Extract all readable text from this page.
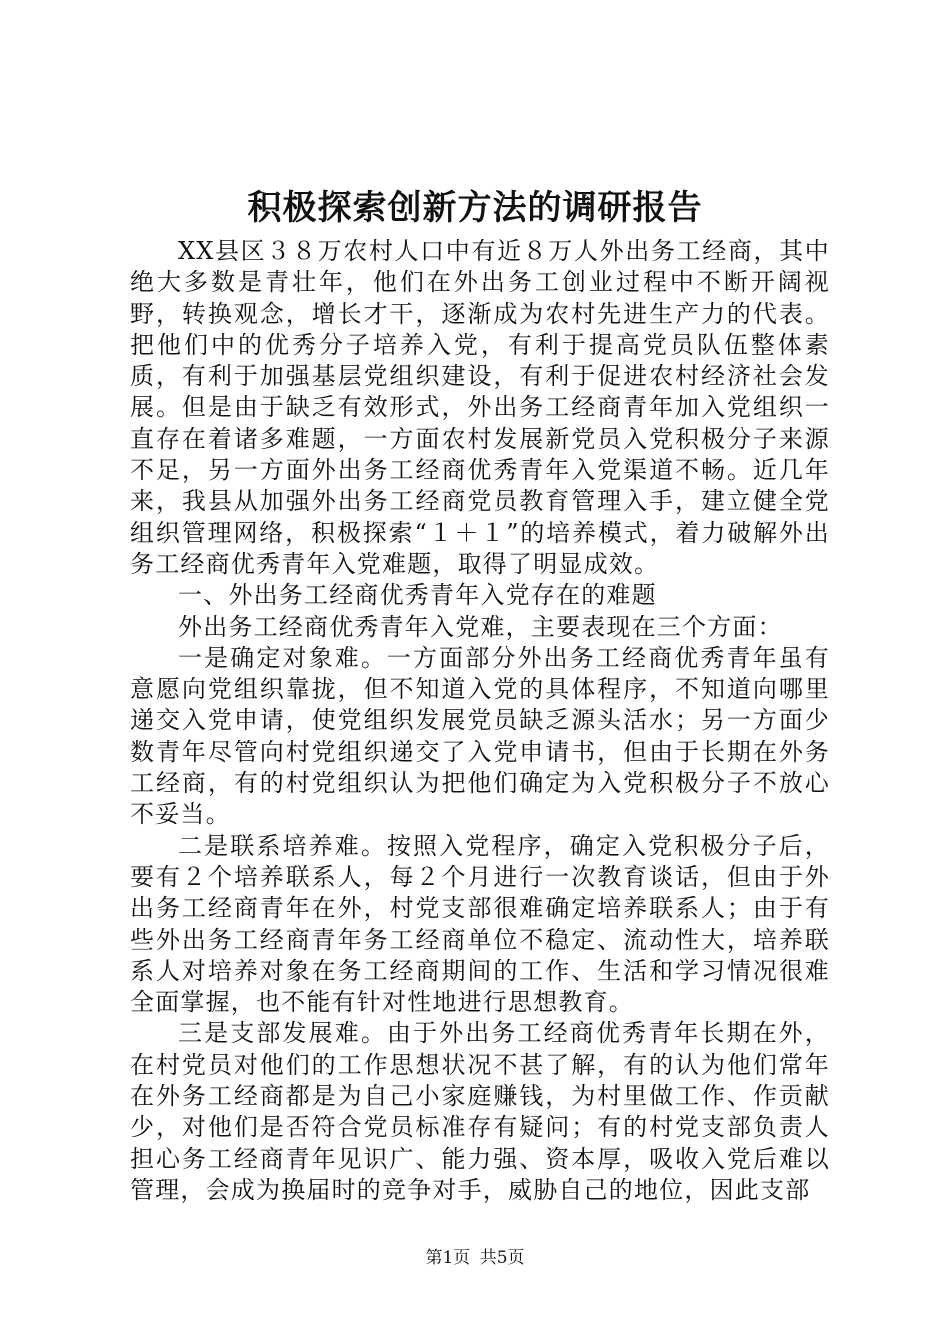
积极探索创新方法的调研报告

XX县区３８万农村人口中有近８万人外出务工经商，其中绝大多数是青壮年，他们在外出务工创业过程中不断开阔视野，转换观念，增长才干，逐渐成为农村先进生产力的代表。把他们中的优秀分子培养入党，有利于提高党员队伍整体素质，有利于加强基层党组织建设，有利于促进农村经济社会发展。但是由于缺乏有效形式，外出务工经商青年加入党组织一直存在着诸多难题，一方面农村发展新党员入党积极分子来源不足，另一方面外出务工经商优秀青年入党渠道不畅。近几年来，我县从加强外出务工经商党员教育管理入手，建立健全党组织管理网络，积极探索“１＋１”的培养模式，着力破解外出务工经商优秀青年入党难题，取得了明显成效。

一、外出务工经商优秀青年入党存在的难题

外出务工经商优秀青年入党难，主要表现在三个方面：

一是确定对象难。一方面部分外出务工经商优秀青年虽有意愿向党组织靠拢，但不知道入党的具体程序，不知道向哪里递交入党申请，使党组织发展党员缺乏源头活水；另一方面少数青年尽管向村党组织递交了入党申请书，但由于长期在外务工经商，有的村党组织认为把他们确定为入党积极分子不放心不妥当。

二是联系培养难。按照入党程序，确定入党积极分子后，要有２个培养联系人，每２个月进行一次教育谈话，但由于外出务工经商青年在外，村党支部很难确定培养联系人；由于有些外出务工经商青年务工经商单位不稳定、流动性大，培养联系人对培养对象在务工经商期间的工作、生活和学习情况很难全面掌握，也不能有针对性地进行思想教育。

三是支部发展难。由于外出务工经商优秀青年长期在外，在村党员对他们的工作思想状况不甚了解，有的认为他们常年在外务工经商都是为自己小家庭赚钱，为村里做工作、作贡献少，对他们是否符合党员标准存有疑问；有的村党支部负责人担心务工经商青年见识广、能力强、资本厚，吸收入党后难以管理，会成为换届时的竞争对手，威胁自己的地位，因此支部

第1页 共5页
